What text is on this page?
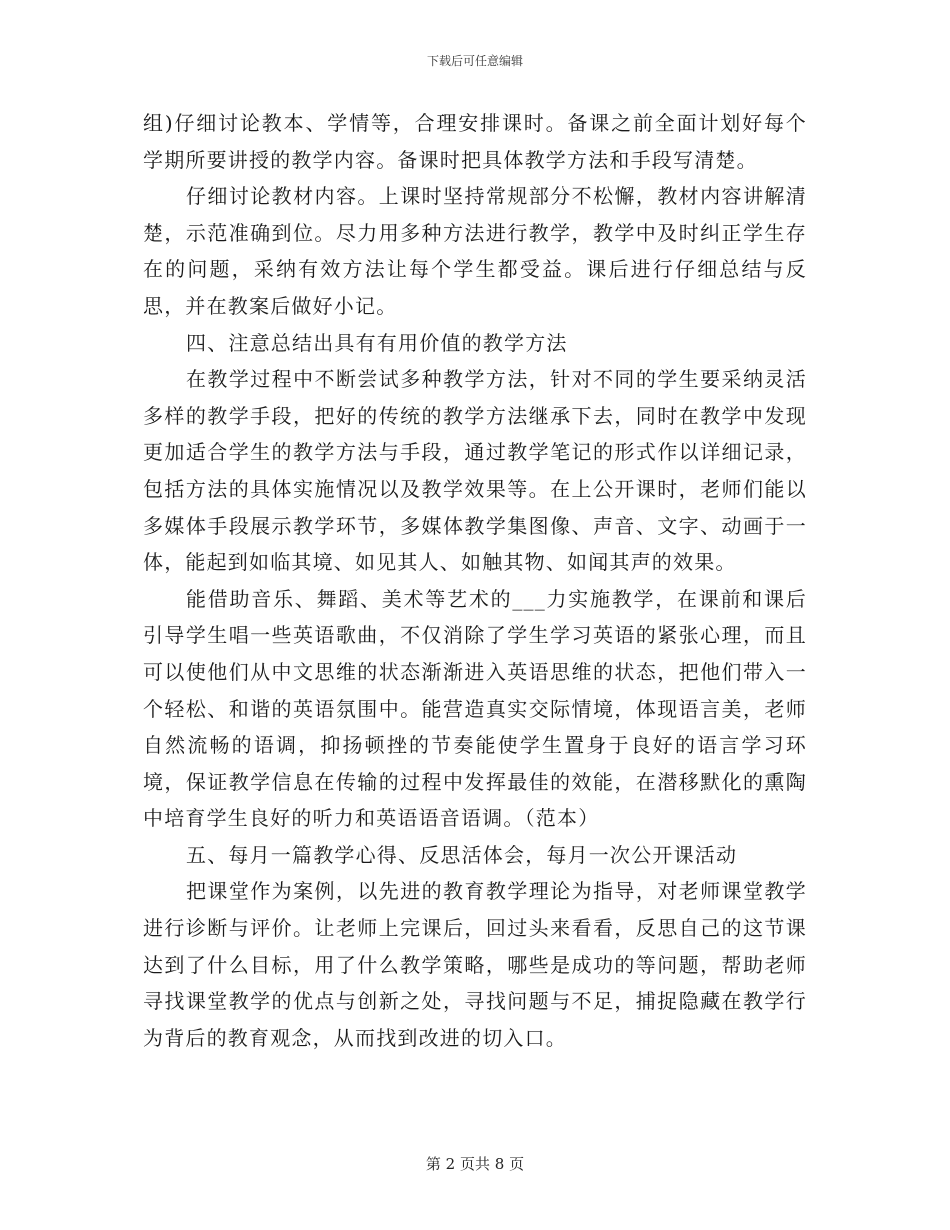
下载后可任意编辑

组)仔细讨论教本、学情等，合理安排课时。备课之前全面计划好每个学期所要讲授的教学内容。备课时把具体教学方法和手段写清楚。

仔细讨论教材内容。上课时坚持常规部分不松懈，教材内容讲解清楚，示范准确到位。尽力用多种方法进行教学，教学中及时纠正学生存在的问题，采纳有效方法让每个学生都受益。课后进行仔细总结与反思，并在教案后做好小记。

四、注意总结出具有有用价值的教学方法

在教学过程中不断尝试多种教学方法，针对不同的学生要采纳灵活多样的教学手段，把好的传统的教学方法继承下去，同时在教学中发现更加适合学生的教学方法与手段，通过教学笔记的形式作以详细记录，包括方法的具体实施情况以及教学效果等。在上公开课时，老师们能以多媒体手段展示教学环节，多媒体教学集图像、声音、文字、动画于一体，能起到如临其境、如见其人、如触其物、如闻其声的效果。

能借助音乐、舞蹈、美术等艺术的___力实施教学，在课前和课后引导学生唱一些英语歌曲，不仅消除了学生学习英语的紧张心理，而且可以使他们从中文思维的状态渐渐进入英语思维的状态，把他们带入一个轻松、和谐的英语氛围中。能营造真实交际情境，体现语言美，老师自然流畅的语调，抑扬顿挫的节奏能使学生置身于良好的语言学习环境，保证教学信息在传输的过程中发挥最佳的效能，在潜移默化的熏陶中培育学生良好的听力和英语语音语调。（范本）

五、每月一篇教学心得、反思活体会，每月一次公开课活动

把课堂作为案例，以先进的教育教学理论为指导，对老师课堂教学进行诊断与评价。让老师上完课后，回过头来看看，反思自己的这节课达到了什么目标，用了什么教学策略，哪些是成功的等问题，帮助老师寻找课堂教学的优点与创新之处，寻找问题与不足，捕捉隐藏在教学行为背后的教育观念，从而找到改进的切入口。

第 2 页共 8 页
